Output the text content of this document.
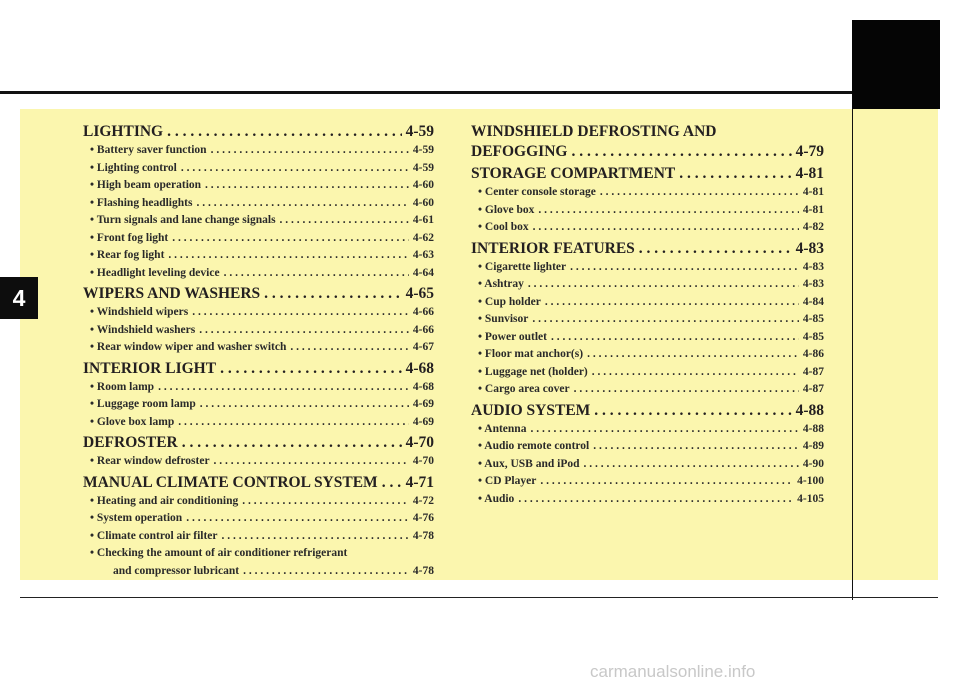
4
LIGHTING . . .	4-59
• Battery saver function . . .	4-59
• Lighting control . . .	4-59
• High beam operation . . .	4-60
• Flashing headlights . . .	4-60
• Turn signals and lane change signals . . .	4-61
• Front fog light . . .	4-62
• Rear fog light . . .	4-63
• Headlight leveling device . . .	4-64
WIPERS AND WASHERS . . .	4-65
• Windshield wipers . . .	4-66
• Windshield washers . . .	4-66
• Rear window wiper and washer switch . . .	4-67
INTERIOR LIGHT . . .	4-68
• Room lamp . . .	4-68
• Luggage room lamp . . .	4-69
• Glove box lamp . . .	4-69
DEFROSTER . . .	4-70
• Rear window defroster . . .	4-70
MANUAL CLIMATE CONTROL SYSTEM . . . 4-71
• Heating and air conditioning . . .	4-72
• System operation . . .	4-76
• Climate control air filter . . .	4-78
• Checking the amount of air conditioner refrigerant
and compressor lubricant . . .	4-78
WINDSHIELD DEFROSTING AND
DEFOGGING . . .	4-79
STORAGE COMPARTMENT . . .	4-81
• Center console storage . . .	4-81
• Glove box . . .	4-81
• Cool box . . .	4-82
INTERIOR FEATURES . . .	4-83
• Cigarette lighter . . .	4-83
• Ashtray . . .	4-83
• Cup holder . . .	4-84
• Sunvisor . . .	4-85
• Power outlet . . .	4-85
• Floor mat anchor(s) . . .	4-86
• Luggage net (holder) . . .	4-87
• Cargo area cover . . .	4-87
AUDIO SYSTEM . . .	4-88
• Antenna . . .	4-88
• Audio remote control . . .	4-89
• Aux, USB and iPod . . .	4-90
• CD Player . . .	4-100
• Audio . . .	4-105
carmanualsonline.info
